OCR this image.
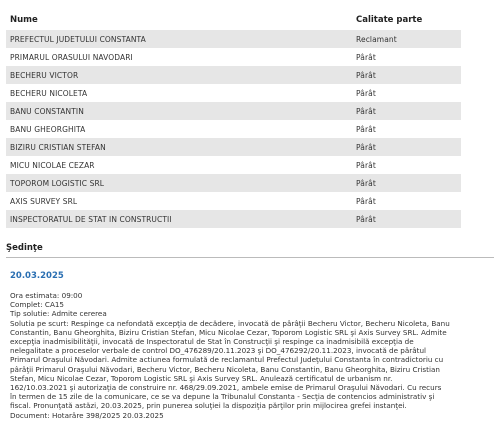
Nume	Calitate parte
PREFECTUL JUDETULUI CONSTANTA	Reclamant
PRIMARUL ORASULUI NAVODARI	Pârât
BECHERU VICTOR	Pârât
BECHERU NICOLETA	Pârât
BANU CONSTANTIN	Pârât
BANU GHEORGHITA	Pârât
BIZIRU CRISTIAN STEFAN	Pârât
MICU NICOLAE CEZAR	Pârât
TOPOROM LOGISTIC SRL	Pârât
AXIS SURVEY SRL	Pârât
INSPECTORATUL DE STAT IN CONSTRUCTII	Pârât
Şedinţe
20.03.2025

Ora estimata: 09:00

Complet: CA15

Tip solutie: Admite cererea

Solutia pe scurt: Respinge ca nefondată excepţia de decădere, invocată de pârâţii Becheru Victor, Becheru Nicoleta, Banu Constantin, Banu Gheorghita, Biziru Cristian Stefan, Micu Nicolae Cezar, Toporom Logistic SRL şi Axis Survey SRL. Admite excepţia inadmisibilităţii, invocată de Inspectoratul de Stat în Construcţii şi respinge ca inadmisibilă excepţia de nelegalitate a proceselor verbale de control DO_476289/20.11.2023 şi DO_476292/20.11.2023, invocată de pârâtul Primarul Oraşului Năvodari. Admite actiunea formulată de reclamantul Prefectul Judeţului Constanta în contradictoriu cu pârâţii Primarul Oraşului Năvodari, Becheru Victor, Becheru Nicoleta, Banu Constantin, Banu Gheorghita, Biziru Cristian Stefan, Micu Nicolae Cezar, Toporom Logistic SRL şi Axis Survey SRL. Anulează certificatul de urbanism nr. 162/10.03.2021 şi autorizaţia de construire nr. 468/29.09.2021, ambele emise de Primarul Oraşului Năvodari. Cu recurs în termen de 15 zile de la comunicare, ce se va depune la Tribunalul Constanta - Secţia de contencios administrativ şi fiscal. Pronunţată astăzi, 20.03.2025, prin punerea soluţiei la dispoziţia părţilor prin mijlocirea grefei instanţei.

Document: Hotarâre 398/2025 20.03.2025
